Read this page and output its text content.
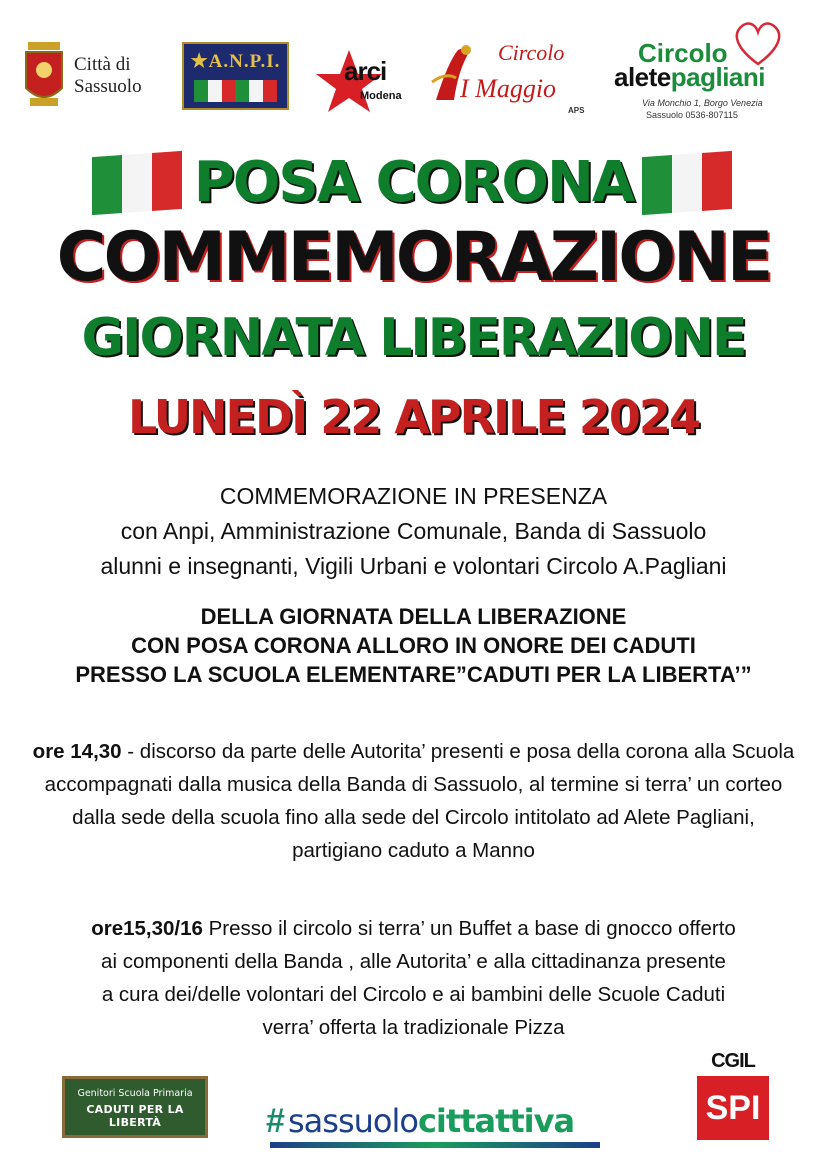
Città di
Sassuolo
★A.N.P.I. arci
Modena
Circolo
I Maggio
APS
Circolo
aletepagliani
Via Monchio 1, Borgo Venezia
Sassuolo 0536-807115
POSA CORONA
COMMEMORAZIONE
GIORNATA LIBERAZIONE
LUNEDÌ 22 APRILE 2024
COMMEMORAZIONE IN PRESENZA
con Anpi, Amministrazione Comunale, Banda di Sassuolo
alunni e insegnanti, Vigili Urbani e volontari Circolo A.Pagliani
DELLA GIORNATA DELLA LIBERAZIONE
CON POSA CORONA ALLORO IN ONORE DEI CADUTI
PRESSO LA SCUOLA ELEMENTARE”CADUTI PER LA LIBERTA’”
ore 14,30 - discorso da parte delle Autorita’ presenti e posa della corona alla Scuola
accompagnati dalla musica della Banda di Sassuolo, al termine si terra’ un corteo
dalla sede della scuola fino alla sede del Circolo intitolato ad Alete Pagliani,
partigiano caduto a Manno
ore15,30/16 Presso il circolo si terra’ un Buffet a base di gnocco offerto
ai componenti della Banda , alle Autorita’ e alla cittadinanza presente
a cura dei/delle volontari del Circolo e ai bambini delle Scuole Caduti
verra’ offerta la tradizionale Pizza
Genitori Scuola Primaria
CADUTI PER LA LIBERTÀ	# sassuolocittattiva
CGIL
SPI
